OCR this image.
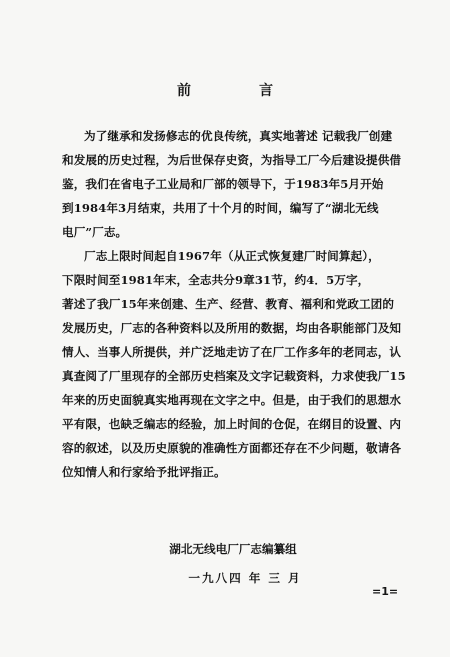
前	言
为了继承和发扬修志的优良传统，真实地著述 记载我厂创建
和发展的历史过程，为后世保存史资，为指导工厂今后建设提供借
鉴，我们在省电子工业局和厂部的领导下，于1983年5月开始
到1984年3月结束，共用了十个月的时间，编写了“湖北无线
电厂”厂志。
厂志上限时间起自1967年（从正式恢复建厂时间算起），
下限时间至1981年末，全志共分9章31节，约4．5万字，
著述了我厂15年来创建、生产、经营、教育、福利和党政工团的
发展历史，厂志的各种资料以及所用的数据，均由各职能部门及知
情人、当事人所提供，并广泛地走访了在厂工作多年的老同志，认
真查阅了厂里现存的全部历史档案及文字记载资料，力求使我厂15
年来的历史面貌真实地再现在文字之中。但是，由于我们的思想水
平有限，也缺乏编志的经验，加上时间的仓促，在纲目的设置、内
容的叙述，以及历史原貌的准确性方面都还存在不少问题，敬请各
位知情人和行家给予批评指正。
湖北无线电厂厂志编纂组
一九八四 年 三 月
=1=
